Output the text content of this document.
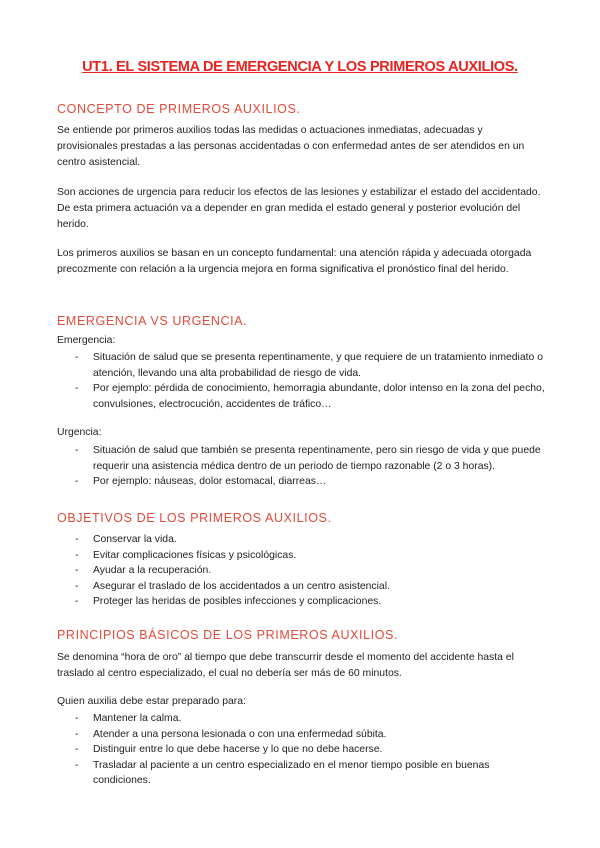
UT1. EL SISTEMA DE EMERGENCIA Y LOS PRIMEROS AUXILIOS.
CONCEPTO DE PRIMEROS AUXILIOS.

Se entiende por primeros auxilios todas las medidas o actuaciones inmediatas, adecuadas y provisionales prestadas a las personas accidentadas o con enfermedad antes de ser atendidos en un centro asistencial.

Son acciones de urgencia para reducir los efectos de las lesiones y estabilizar el estado del accidentado. De esta primera actuación va a depender en gran medida el estado general y posterior evolución del herido.

Los primeros auxilios se basan en un concepto fundamental: una atención rápida y adecuada otorgada precozmente con relación a la urgencia mejora en forma significativa el pronóstico final del herido.

EMERGENCIA VS URGENCIA.
Emergencia:
- Situación de salud que se presenta repentinamente, y que requiere de un tratamiento inmediato o atención, llevando una alta probabilidad de riesgo de vida.
- Por ejemplo: pérdida de conocimiento, hemorragia abundante, dolor intenso en la zona del pecho, convulsiones, electrocución, accidentes de tráfico…
Urgencia:
- Situación de salud que también se presenta repentinamente, pero sin riesgo de vida y que puede requerir una asistencia médica dentro de un periodo de tiempo razonable (2 o 3 horas).
- Por ejemplo: náuseas, dolor estomacal, diarreas…
OBJETIVOS DE LOS PRIMEROS AUXILIOS.
- Conservar la vida.
- Evitar complicaciones físicas y psicológicas.
- Ayudar a la recuperación.
- Asegurar el traslado de los accidentados a un centro asistencial.
- Proteger las heridas de posibles infecciones y complicaciones.
PRINCIPIOS BÁSICOS DE LOS PRIMEROS AUXILIOS.

Se denomina “hora de oro” al tiempo que debe transcurrir desde el momento del accidente hasta el traslado al centro especializado, el cual no debería ser más de 60 minutos.

Quien auxilia debe estar preparado para:
- Mantener la calma.
- Atender a una persona lesionada o con una enfermedad súbita.
- Distinguir entre lo que debe hacerse y lo que no debe hacerse.
- Trasladar al paciente a un centro especializado en el menor tiempo posible en buenas condiciones.
